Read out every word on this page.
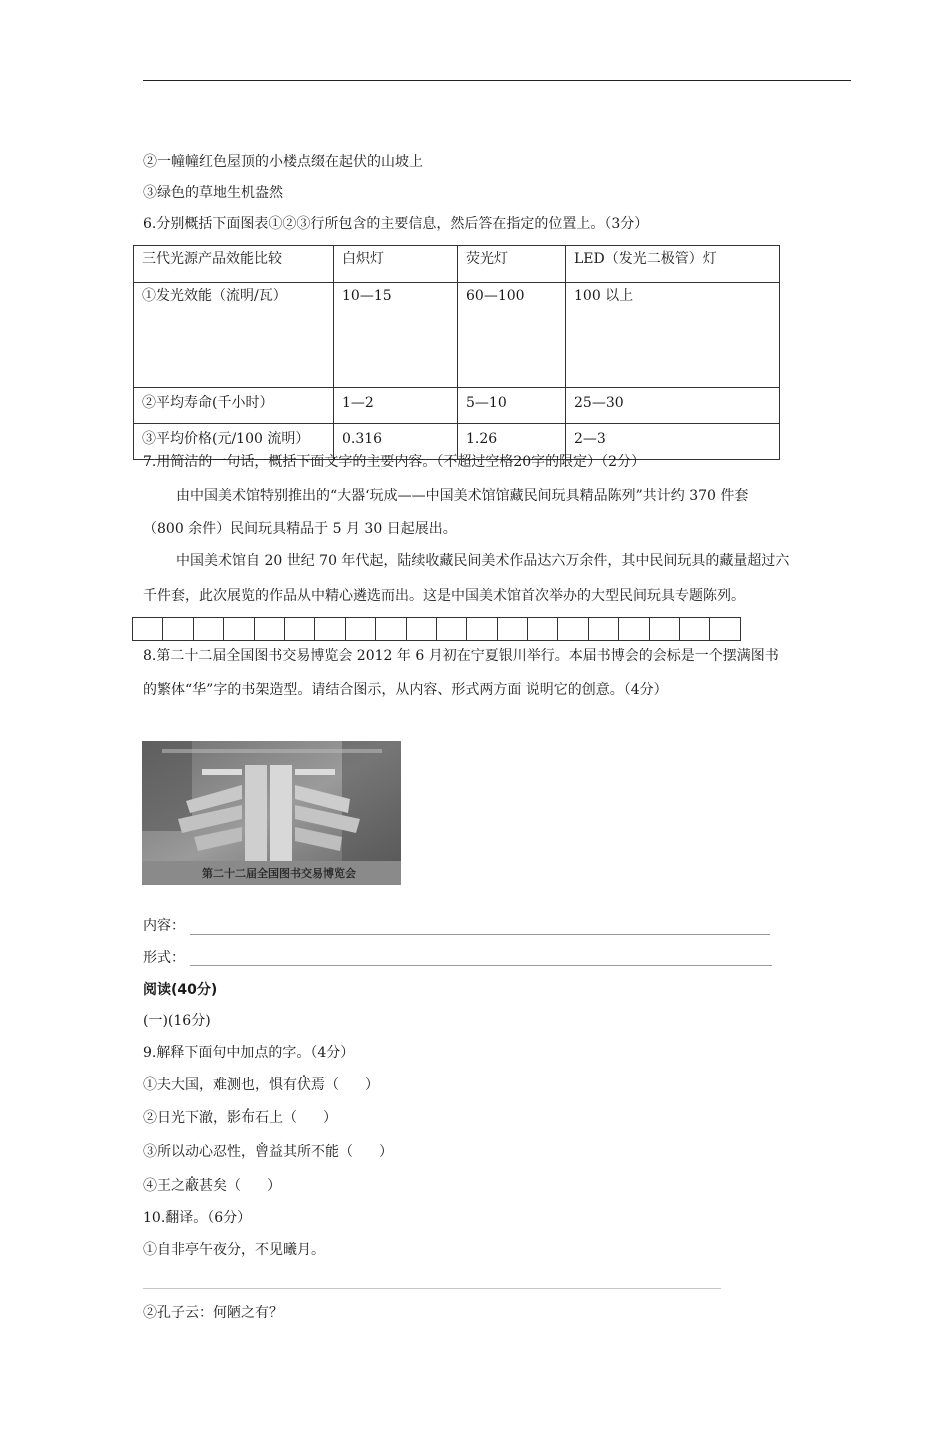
②一幢幢红色屋顶的小楼点缀在起伏的山坡上
③绿色的草地生机盎然
6.分别概括下面图表①②③行所包含的主要信息，然后答在指定的位置上。（3分）
三代光源产品效能比较	白炽灯	荧光灯	LED（发光二极管）灯
①发光效能（流明/瓦）	10—15	60—100	100 以上
②平均寿命(千小时）	1—2	5—10	25—30
③平均价格(元/100 流明）	0.316	1.26	2—3
7.用简洁的一句话，概括下面文字的主要内容。（不超过空格20字的限定）（2分）
由中国美术馆特别推出的“大器‘玩成——中国美术馆馆藏民间玩具精品陈列”共计约 370 件套
（800 余件）民间玩具精品于 5 月 30 日起展出。
中国美术馆自 20 世纪 70 年代起，陆续收藏民间美术作品达六万余件，其中民间玩具的藏量超过六
千件套，此次展览的作品从中精心遴选而出。这是中国美术馆首次举办的大型民间玩具专题陈列。
8.第二十二届全国图书交易博览会 2012 年 6 月初在宁夏银川举行。本届书博会的会标是一个摆满图书
的繁体“华”字的书架造型。请结合图示，从内容、形式两方面 说明它的创意。（4分）
第二十二届全国图书交易博览会
内容：
形式：
阅读(40分)
(一)(16分)
9.解释下面句中加点的字。（4分）
①夫大国，难测也，惧有伏焉（ ）
②日光下澈，影布石上（ ）
③所以动心忍性，曾益其所不能（ ）
④王之蔽甚矣（ ）
10.翻译。（6分）
①自非亭午夜分，不见曦月。
②孔子云：何陋之有？
